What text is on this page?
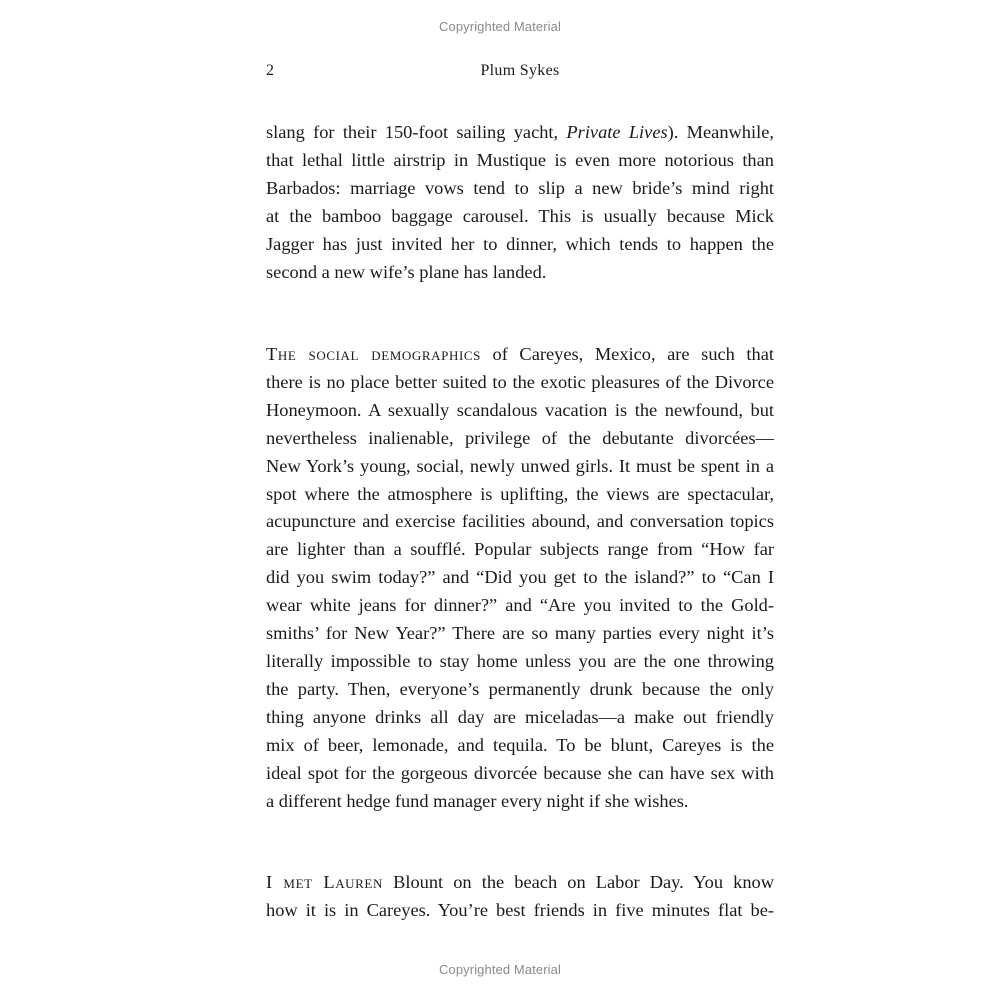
Copyrighted Material
2	Plum Sykes
slang for their 150-foot sailing yacht, Private Lives). Meanwhile,
that lethal little airstrip in Mustique is even more notorious than
Barbados: marriage vows tend to slip a new bride’s mind right
at the bamboo baggage carousel. This is usually because Mick
Jagger has just invited her to dinner, which tends to happen the
second a new wife’s plane has landed.
The social demographics of Careyes, Mexico, are such that
there is no place better suited to the exotic pleasures of the Divorce
Honeymoon. A sexually scandalous vacation is the newfound, but
nevertheless inalienable, privilege of the debutante divorcées—
New York’s young, social, newly unwed girls. It must be spent in a
spot where the atmosphere is uplifting, the views are spectacular,
acupuncture and exercise facilities abound, and conversation topics
are lighter than a soufflé. Popular subjects range from “How far
did you swim today?” and “Did you get to the island?” to “Can I
wear white jeans for dinner?” and “Are you invited to the Gold-
smiths’ for New Year?” There are so many parties every night it’s
literally impossible to stay home unless you are the one throwing
the party. Then, everyone’s permanently drunk because the only
thing anyone drinks all day are miceladas—a make out friendly
mix of beer, lemonade, and tequila. To be blunt, Careyes is the
ideal spot for the gorgeous divorcée because she can have sex with
a different hedge fund manager every night if she wishes.
I met Lauren Blount on the beach on Labor Day. You know
how it is in Careyes. You’re best friends in five minutes flat be-
Copyrighted Material
